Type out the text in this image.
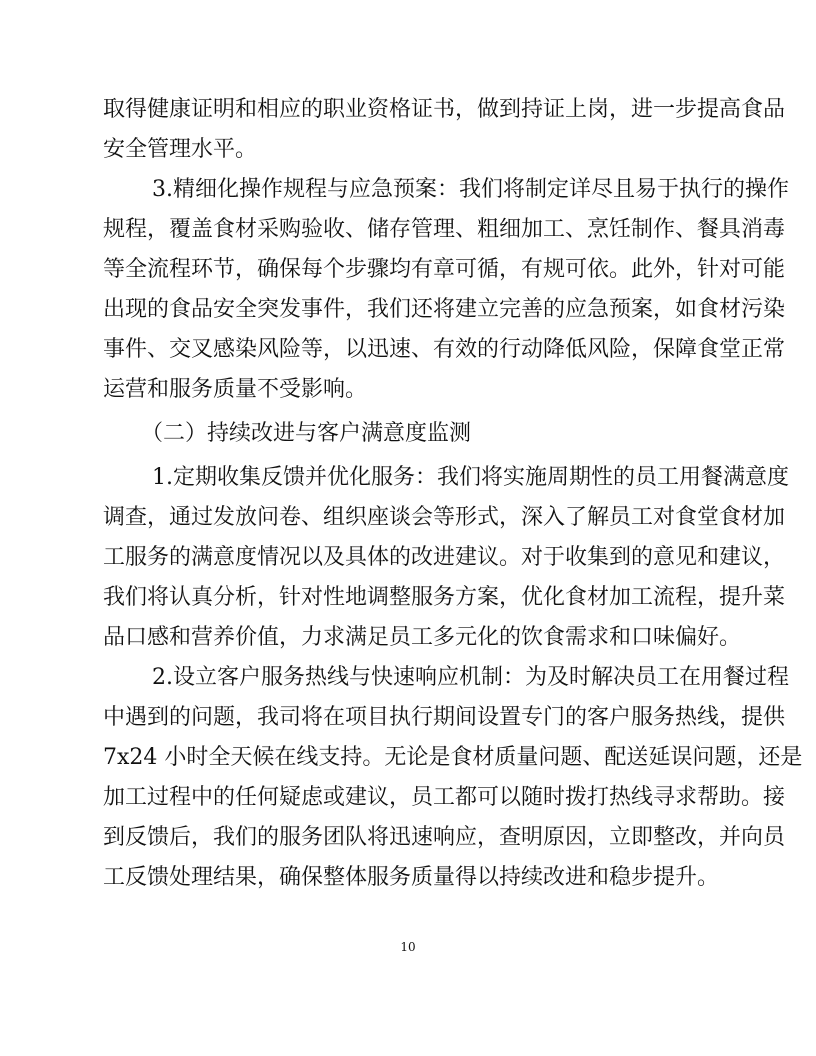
取得健康证明和相应的职业资格证书，做到持证上岗，进一步提高食品
安全管理水平。
3.精细化操作规程与应急预案：我们将制定详尽且易于执行的操作
规程，覆盖食材采购验收、储存管理、粗细加工、烹饪制作、餐具消毒
等全流程环节，确保每个步骤均有章可循，有规可依。此外，针对可能
出现的食品安全突发事件，我们还将建立完善的应急预案，如食材污染
事件、交叉感染风险等，以迅速、有效的行动降低风险，保障食堂正常
运营和服务质量不受影响。
（二）持续改进与客户满意度监测
1.定期收集反馈并优化服务：我们将实施周期性的员工用餐满意度
调查，通过发放问卷、组织座谈会等形式，深入了解员工对食堂食材加
工服务的满意度情况以及具体的改进建议。对于收集到的意见和建议，
我们将认真分析，针对性地调整服务方案，优化食材加工流程，提升菜
品口感和营养价值，力求满足员工多元化的饮食需求和口味偏好。
2.设立客户服务热线与快速响应机制：为及时解决员工在用餐过程
中遇到的问题，我司将在项目执行期间设置专门的客户服务热线，提供
7x24 小时全天候在线支持。无论是食材质量问题、配送延误问题，还是
加工过程中的任何疑虑或建议，员工都可以随时拨打热线寻求帮助。接
到反馈后，我们的服务团队将迅速响应，查明原因，立即整改，并向员
工反馈处理结果，确保整体服务质量得以持续改进和稳步提升。
10
